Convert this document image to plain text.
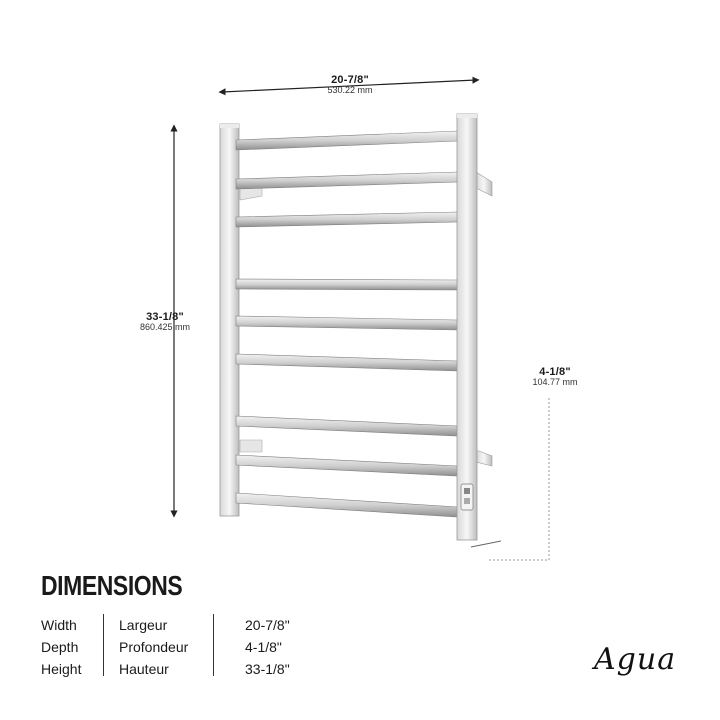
20-7/8"
530.22 mm
33-1/8"
860.425 mm
4-1/8"
104.77 mm
DIMENSIONS
Width	Largeur	20-7/8"
Depth	Profondeur	4-1/8"
Height	Hauteur	33-1/8"	Agua
